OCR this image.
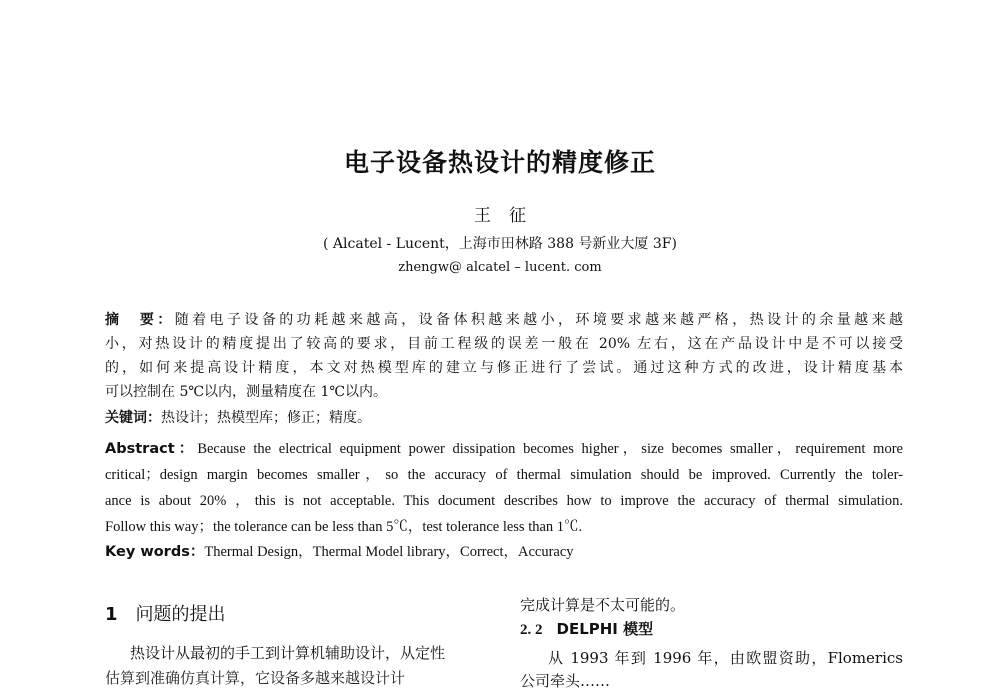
电子设备热设计的精度修正
王征
( Alcatel - Lucent，上海市田林路 388 号新业大厦 3F)
zhengw@ alcatel – lucent. com
摘　要：随着电子设备的功耗越来越高，设备体积越来越小，环境要求越来越严格，热设计的余量越来越
小，对热设计的精度提出了较高的要求，目前工程级的误差一般在 20% 左右，这在产品设计中是不可以接受
的，如何来提高设计精度，本文对热模型库的建立与修正进行了尝试。通过这种方式的改进，设计精度基本
可以控制在 5℃以内，测量精度在 1℃以内。
关键词：热设计；热模型库；修正；精度。
Abstract：Because the electrical equipment power dissipation becomes higher，size becomes smaller，requirement more
critical；design margin becomes smaller，so the accuracy of thermal simulation should be improved. Currently the toler-
ance is about 20% ，this is not acceptable. This document describes how to improve the accuracy of thermal simulation.
Follow this way；the tolerance can be less than 5℃，test tolerance less than 1℃.
Key words：Thermal Design，Thermal Model library，Correct，Accuracy
1 问题的提出
热设计从最初的手工到计算机辅助设计，从定性
估算到准确仿真计算，它设备多越来越设计计
完成计算是不太可能的。
2. 2 DELPHI 模型
从 1993 年到 1996 年，由欧盟资助，Flomerics
公司牵头……
